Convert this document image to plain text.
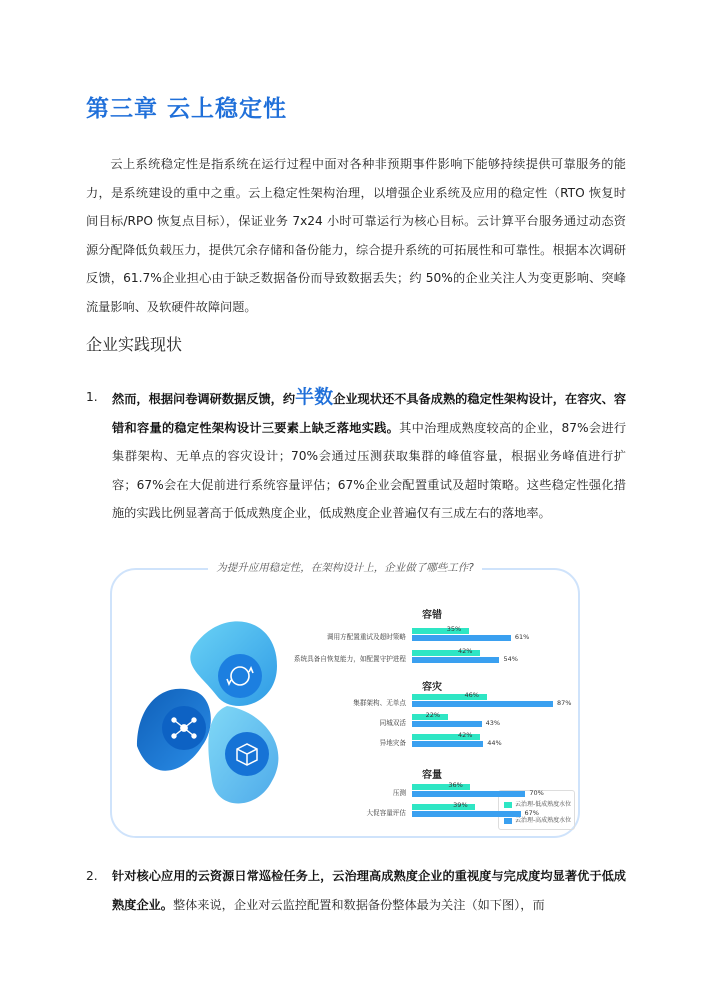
第三章 云上稳定性

云上系统稳定性是指系统在运行过程中面对各种非预期事件影响下能够持续提供可靠服务的能力，是系统建设的重中之重。云上稳定性架构治理，以增强企业系统及应用的稳定性（RTO 恢复时间目标/RPO 恢复点目标），保证业务 7x24 小时可靠运行为核心目标。云计算平台服务通过动态资源分配降低负载压力，提供冗余存储和备份能力，综合提升系统的可拓展性和可靠性。根据本次调研反馈，61.7%企业担心由于缺乏数据备份而导致数据丢失；约 50%的企业关注人为变更影响、突峰流量影响、及软硬件故障问题。

企业实践现状
1. 然而，根据问卷调研数据反馈，约半数企业现状还不具备成熟的稳定性架构设计，在容灾、容错和容量的稳定性架构设计三要素上缺乏落地实践。其中治理成熟度较高的企业，87%会进行集群架构、无单点的容灾设计；70%会通过压测获取集群的峰值容量，根据业务峰值进行扩容；67%会在大促前进行系统容量评估；67%企业会配置重试及超时策略。这些稳定性强化措施的实践比例显著高于低成熟度企业，低成熟度企业普遍仅有三成左右的落地率。
为提升应用稳定性，在架构设计上，企业做了哪些工作?
云治理-低成熟度水位
云治理-高成熟度水位
容错
调用方配置重试及超时策略
35%
61%
系统具备自恢复能力，如配置守护进程
42%
54%
容灾
集群架构、无单点
46%
87%
同城双活
22%
43%
异地灾备
42%
44%
容量
压测
36%
70%
大促容量评估
39%
67%
2. 针对核心应用的云资源日常巡检任务上，云治理高成熟度企业的重视度与完成度均显著优于低成熟度企业。整体来说，企业对云监控配置和数据备份整体最为关注（如下图），而
